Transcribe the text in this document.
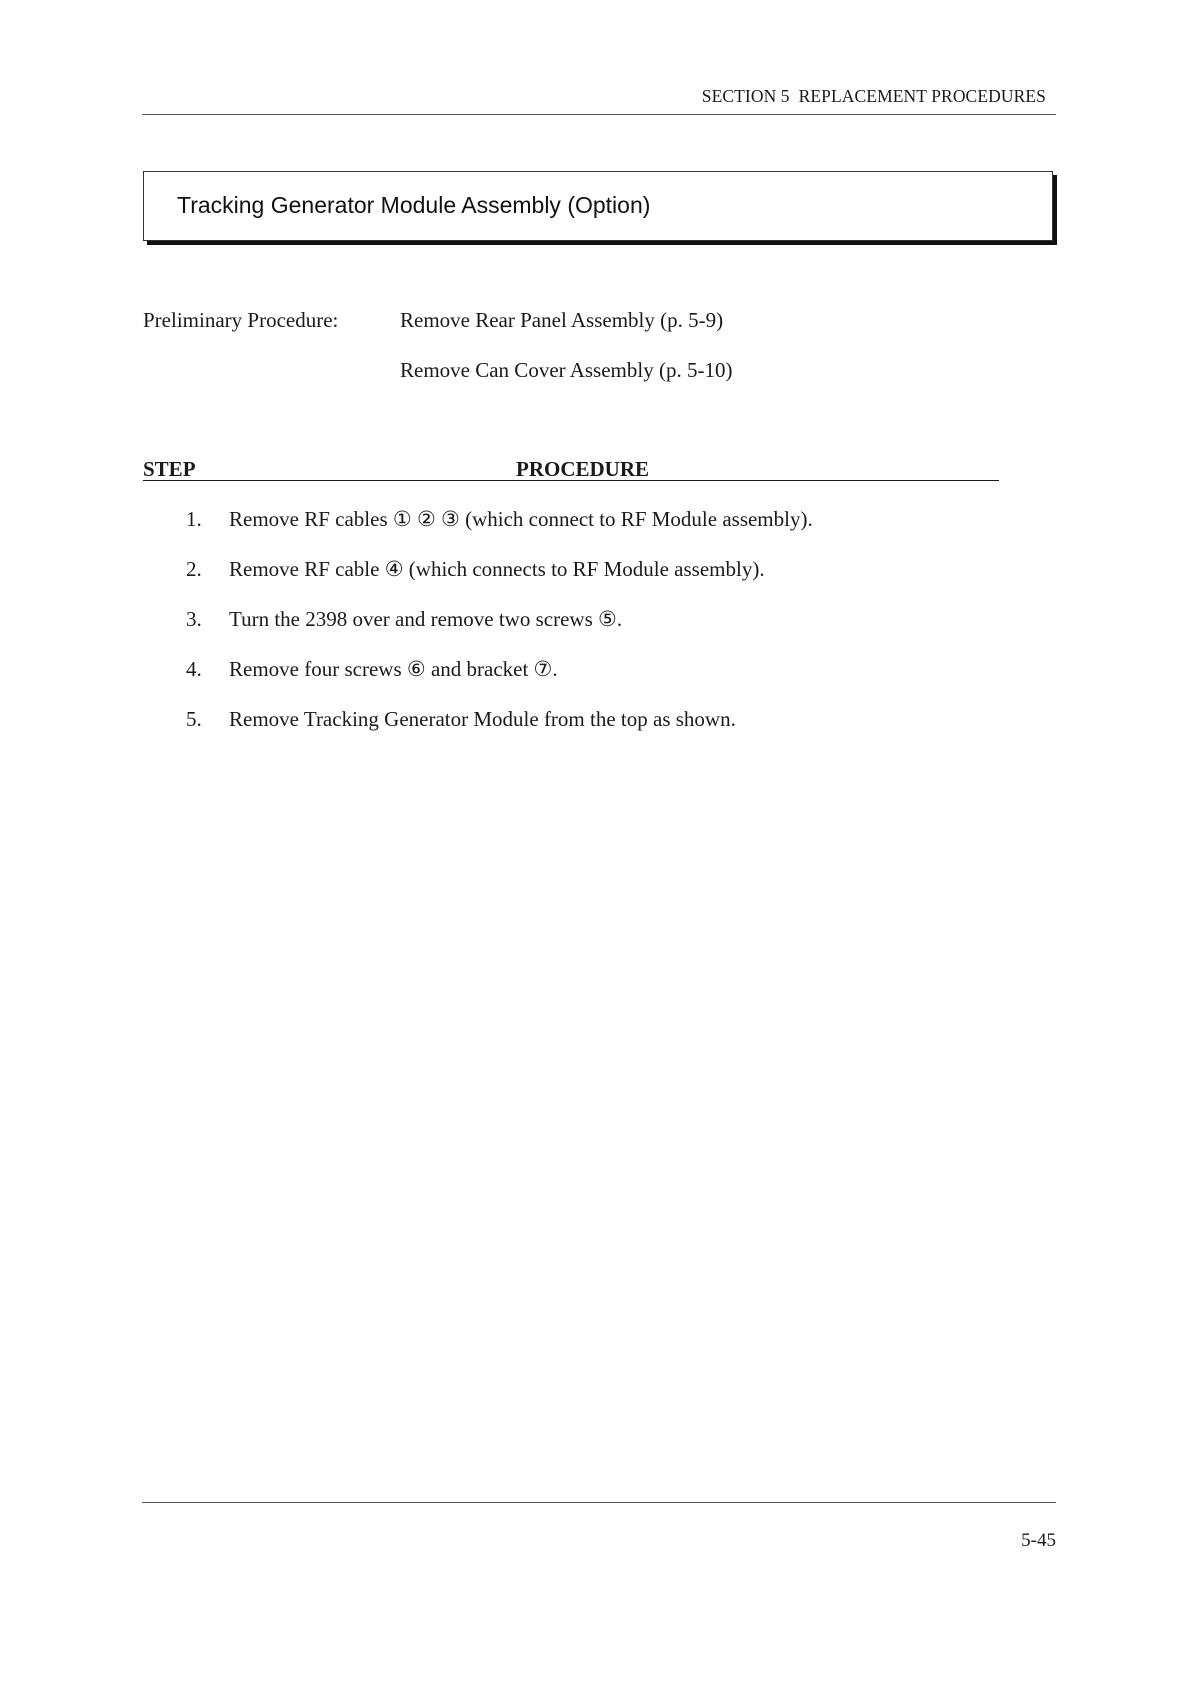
SECTION 5  REPLACEMENT PROCEDURES
Tracking Generator Module Assembly (Option)
Preliminary Procedure:	Remove Rear Panel Assembly (p. 5-9)
Remove Can Cover Assembly (p. 5-10)
STEP	PROCEDURE
1. Remove RF cables ① ② ③ (which connect to RF Module assembly).
2. Remove RF cable ④ (which connects to RF Module assembly).
3. Turn the 2398 over and remove two screws ⑤.
4. Remove four screws ⑥ and bracket ⑦.
5. Remove Tracking Generator Module from the top as shown.
5-45
